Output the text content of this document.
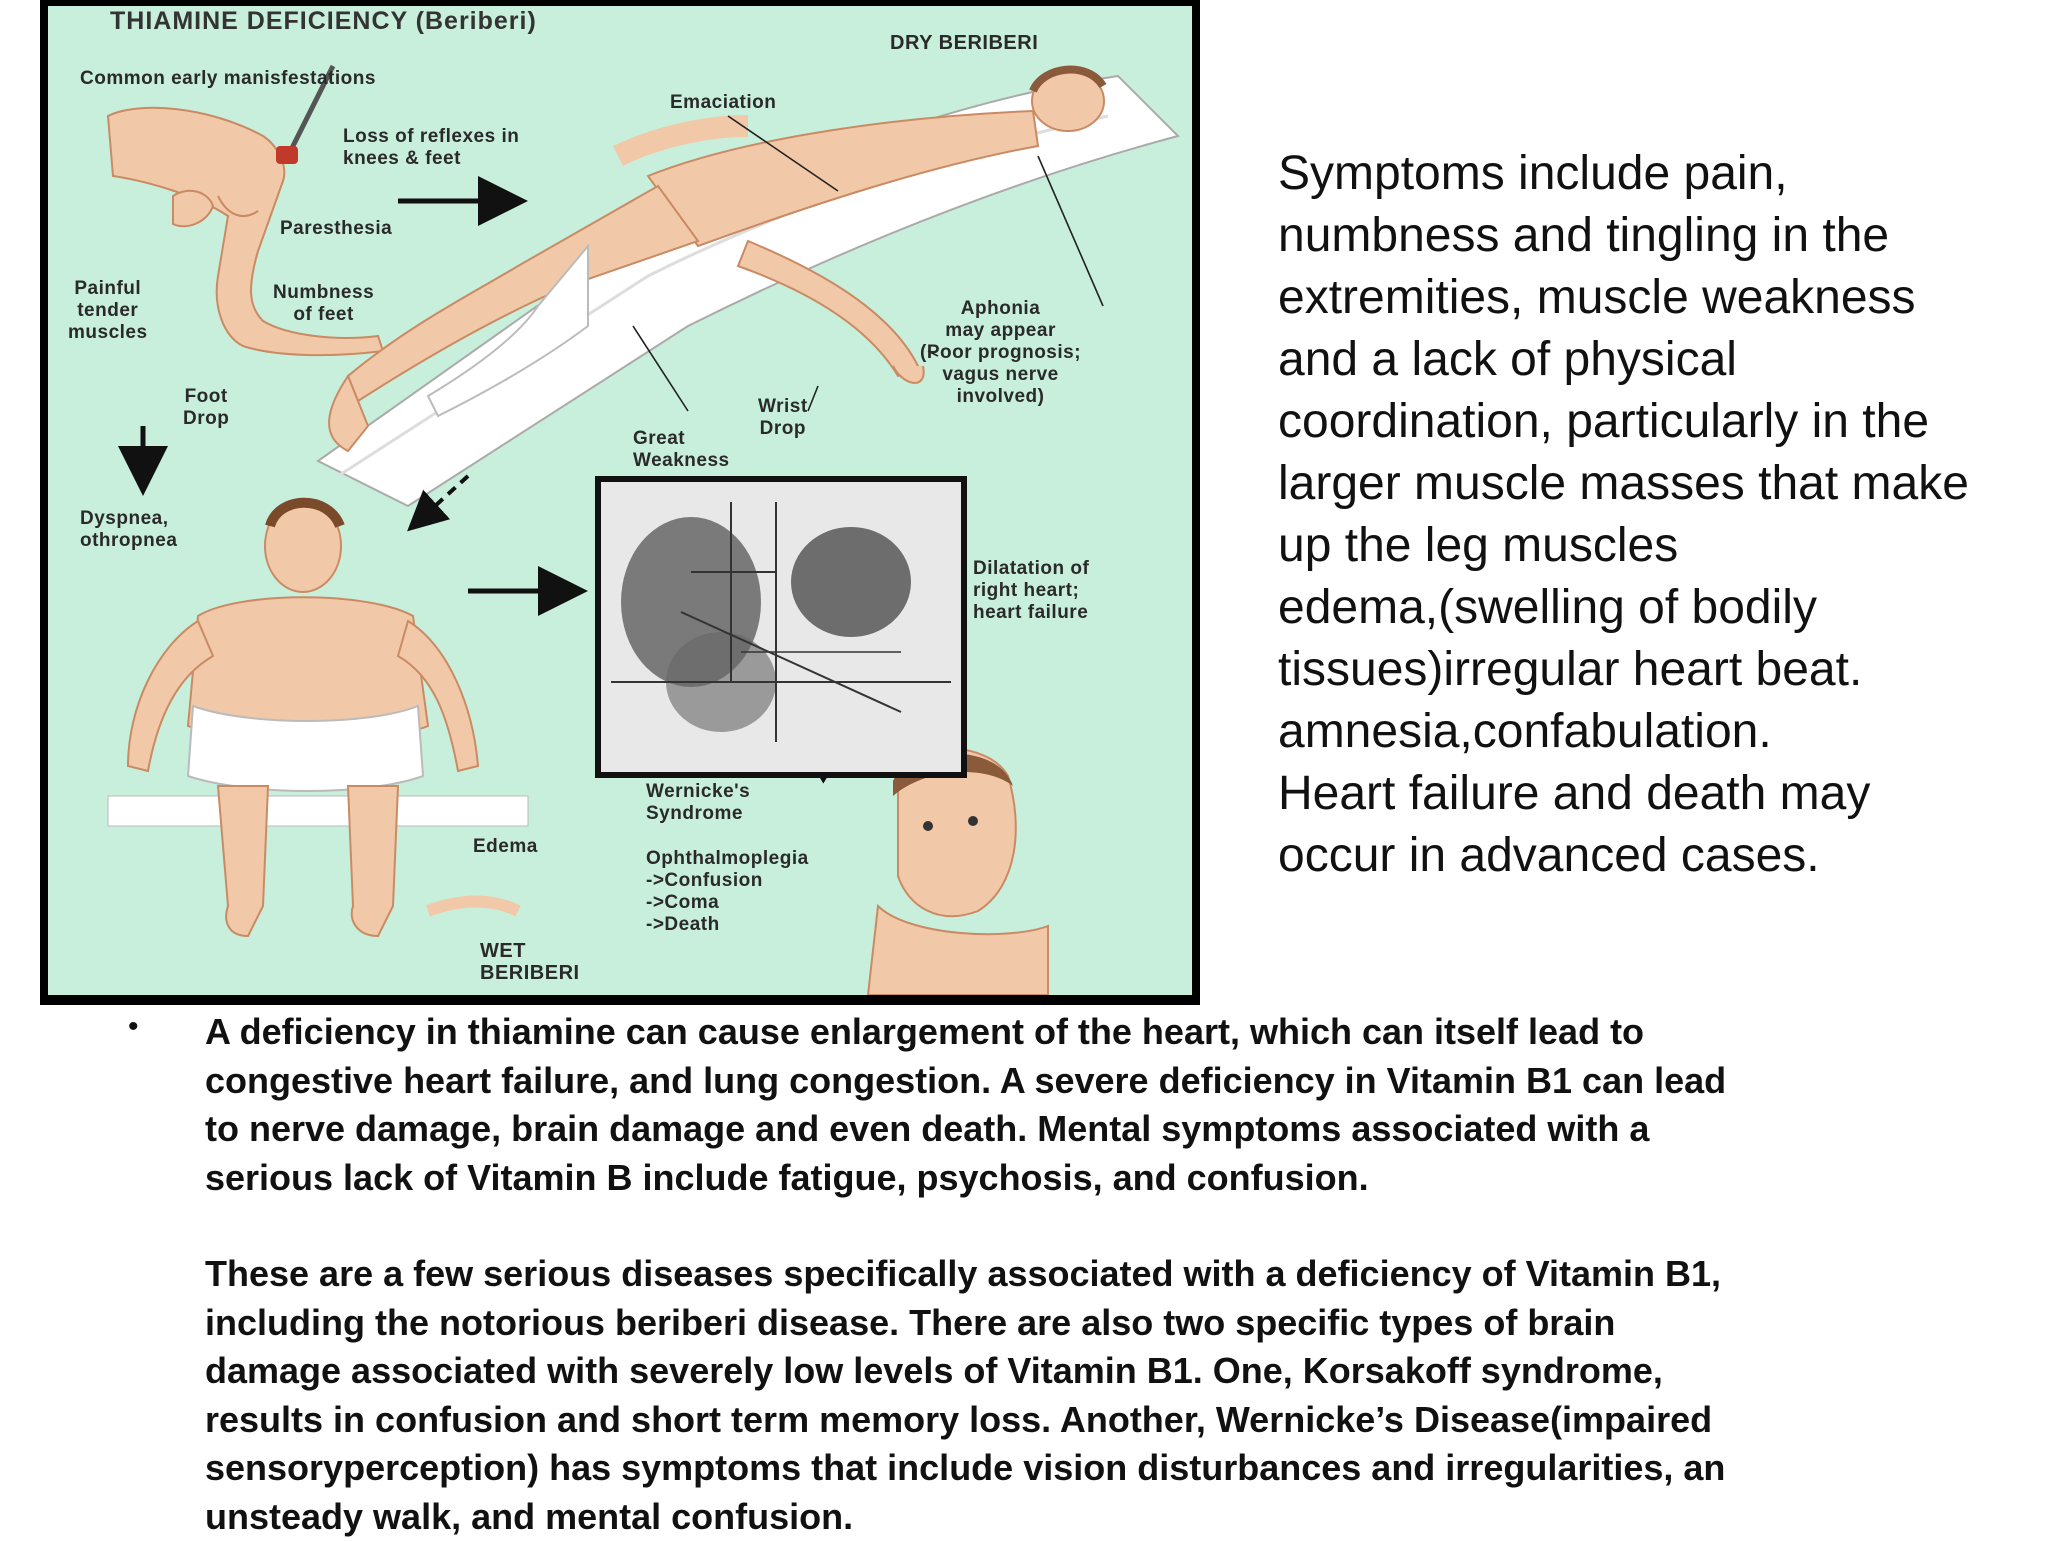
THIAMINE DEFICIENCY (Beriberi)
DRY BERIBERI
Common early manisfestations
Emaciation
Loss of reflexes in
knees & feet
Paresthesia
Painful
tender
muscles
Numbness
of feet	Aphonia
may appear
(Poor prognosis;
vagus nerve
involved)
Foot
Drop
Wrist
Drop
Great
Weakness
Dyspnea,
othropnea
Dilatation of
right heart;
heart failure
Wernicke's
Syndrome
Edema
Ophthalmoplegia
->Confusion
->Coma
->Death
WET
BERIBERI
Symptoms include pain,
numbness and tingling in the
extremities, muscle weakness
and a lack of physical
coordination, particularly in the
larger muscle masses that make
up the leg muscles
edema,(swelling of bodily
tissues)irregular heart beat.
amnesia,confabulation.
Heart failure and death may
occur in advanced cases.
• A deficiency in thiamine can cause enlargement of the heart, which can itself lead to
congestive heart failure, and lung congestion. A severe deficiency in Vitamin B1 can lead
to nerve damage, brain damage and even death. Mental symptoms associated with a
serious lack of Vitamin B include fatigue, psychosis, and confusion.

These are a few serious diseases specifically associated with a deficiency of Vitamin B1,
including the notorious beriberi disease. There are also two specific types of brain
damage associated with severely low levels of Vitamin B1. One, Korsakoff syndrome,
results in confusion and short term memory loss. Another, Wernicke’s Disease(impaired
sensoryperception) has symptoms that include vision disturbances and irregularities, an
unsteady walk, and mental confusion.
